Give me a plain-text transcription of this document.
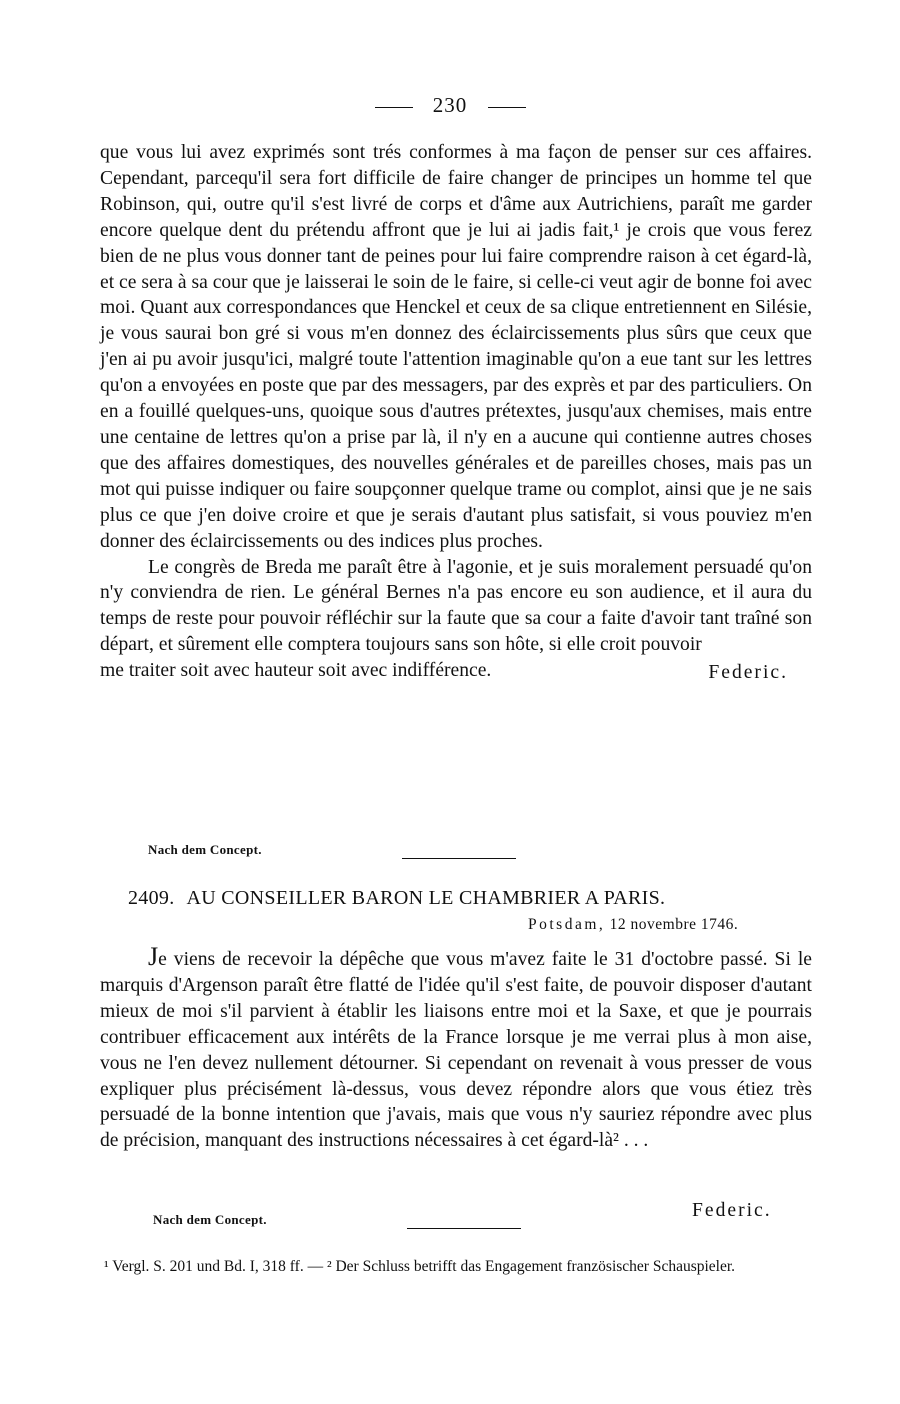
230

que vous lui avez exprimés sont trés conformes à ma façon de penser sur ces affaires. Cependant, parcequ'il sera fort difficile de faire changer de principes un homme tel que Robinson, qui, outre qu'il s'est livré de corps et d'âme aux Autrichiens, paraît me garder encore quelque dent du prétendu affront que je lui ai jadis fait,¹ je crois que vous ferez bien de ne plus vous donner tant de peines pour lui faire comprendre raison à cet égard-là, et ce sera à sa cour que je laisserai le soin de le faire, si celle-ci veut agir de bonne foi avec moi. Quant aux correspondances que Henckel et ceux de sa clique entretiennent en Silésie, je vous saurai bon gré si vous m'en donnez des éclaircissements plus sûrs que ceux que j'en ai pu avoir jusqu'ici, malgré toute l'attention imaginable qu'on a eue tant sur les lettres qu'on a envoyées en poste que par des messagers, par des exprès et par des particuliers. On en a fouillé quelques-uns, quoique sous d'autres prétextes, jusqu'aux chemises, mais entre une centaine de lettres qu'on a prise par là, il n'y en a aucune qui contienne autres choses que des affaires domestiques, des nouvelles générales et de pareilles choses, mais pas un mot qui puisse indiquer ou faire soupçonner quelque trame ou complot, ainsi que je ne sais plus ce que j'en doive croire et que je serais d'autant plus satisfait, si vous pouviez m'en donner des éclaircissements ou des indices plus proches.

Le congrès de Breda me paraît être à l'agonie, et je suis moralement persuadé qu'on n'y conviendra de rien. Le général Bernes n'a pas encore eu son audience, et il aura du temps de reste pour pouvoir réfléchir sur la faute que sa cour a faite d'avoir tant traîné son départ, et sûrement elle comptera toujours sans son hôte, si elle croit pouvoir

me traiter soit avec hauteur soit avec indifférence.	Federic.
Nach dem Concept.
2409. AU CONSEILLER BARON LE CHAMBRIER A PARIS.
Potsdam, 12 novembre 1746.

Je viens de recevoir la dépêche que vous m'avez faite le 31 d'octobre passé. Si le marquis d'Argenson paraît être flatté de l'idée qu'il s'est faite, de pouvoir disposer d'autant mieux de moi s'il parvient à établir les liaisons entre moi et la Saxe, et que je pourrais contribuer efficacement aux intérêts de la France lorsque je me verrai plus à mon aise, vous ne l'en devez nullement détourner. Si cependant on revenait à vous presser de vous expliquer plus précisément là-dessus, vous devez répondre alors que vous étiez très persuadé de la bonne intention que j'avais, mais que vous n'y sauriez répondre avec plus de précision, manquant des instructions nécessaires à cet égard-là² . . .

Nach dem Concept.	Federic.

¹ Vergl. S. 201 und Bd. I, 318 ff. — ² Der Schluss betrifft das Engagement französischer Schauspieler.
